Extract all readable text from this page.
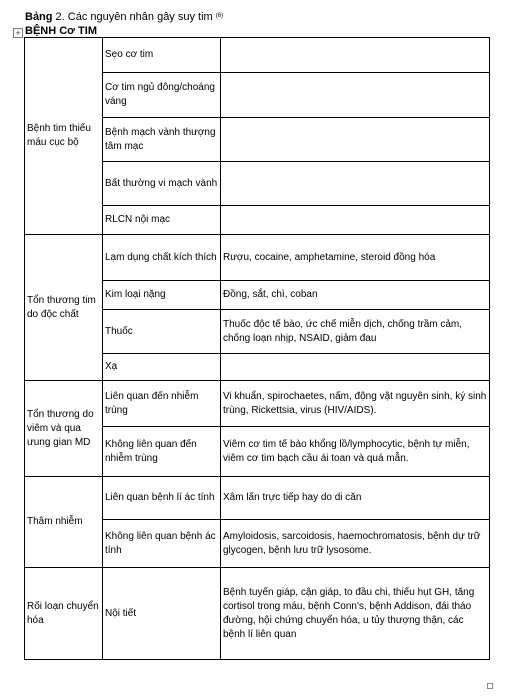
Bảng 2. Các nguyên nhân gây suy tim $^{(6)}$
+ BỆNH Cơ TIM
Bệnh tim thiếu máu cục bộ	Sẹo cơ tim	
	Cơ tim ngủ đông/choáng váng	
	Bệnh mạch vành thượng tâm mạc	
	Bất thường vi mạch vành	
	RLCN nội mạc	
Tổn thương tim do độc chất	Lạm dụng chất kích thích	Rượu, cocaine, amphetamine, steroid đồng hóa
	Kim loại nặng	Đồng, sắt, chì, coban
	Thuốc	Thuốc độc tế bào, ức chế miễn dịch, chống trầm cảm, chống loạn nhịp, NSAID, giảm đau
	Xạ	
Tổn thương do viêm và qua ưung gian MD	Liên quan đến nhiễm trùng	Vi khuẩn, spirochaetes, nấm, động vật nguyên sinh, ký sinh trùng, Rickettsia, virus (HIV/AIDS).
	Không liên quan đến nhiễm trùng	Viêm cơ tim tế bào khổng lồ/lymphocytic, bệnh tự miễn, viêm cơ tim bạch cầu ái toan và quá mẫn.
Thâm nhiễm	Liên quan bệnh lí ác tính	Xâm lấn trực tiếp hay do di căn
	Không liên quan bệnh ác tính	Amyloidosis, sarcoidosis, haemochromatosis, bệnh dự trữ glycogen, bệnh lưu trữ lysosome.
Rối loạn chuyển hóa	Nội tiết	Bệnh tuyến giáp, cận giáp, to đầu chi, thiếu hụt GH, tăng cortisol trong máu, bệnh Conn's, bệnh Addison, đái tháo đường, hội chứng chuyển hóa, u tủy thượng thận, các bệnh lí liên quan
